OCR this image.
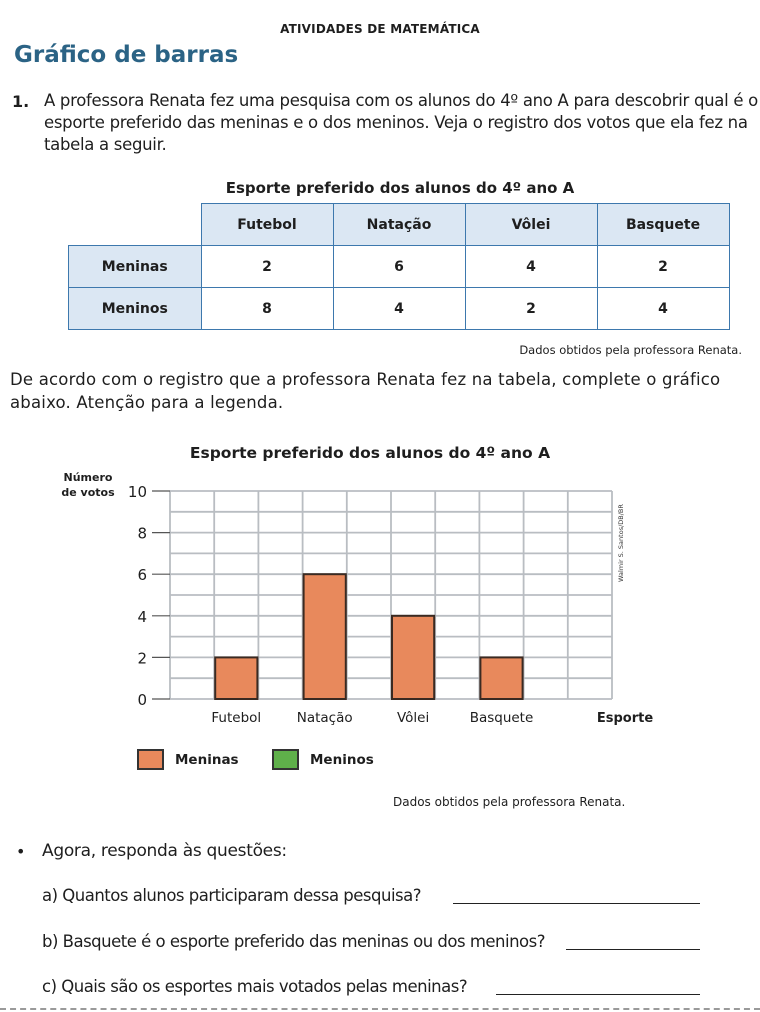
ATIVIDADES DE MATEMÁTICA
Gráfico de barras
1. A professora Renata fez uma pesquisa com os alunos do 4º ano A para descobrir qual é o esporte preferido das meninas e o dos meninos. Veja o registro dos votos que ela fez na tabela a seguir.
Esporte preferido dos alunos do 4º ano A
	Futebol	Natação	Vôlei	Basquete
Meninas	2	6	4	2
Meninos	8	4	2	4
Dados obtidos pela professora Renata.
De acordo com o registro que a professora Renata fez na tabela, complete o gráfico abaixo. Atenção para a legenda.
Esporte preferido dos alunos do 4º ano A
Número
de votos
0
2
4
6
8
10
Futebol	Natação	Vôlei	Basquete	Esporte
Walmir S. Santos/DB/BR
Meninas	Meninos
Dados obtidos pela professora Renata.
• Agora, responda às questões:
a) Quantos alunos participaram dessa pesquisa?
b) Basquete é o esporte preferido das meninas ou dos meninos?
c) Quais são os esportes mais votados pelas meninas?
